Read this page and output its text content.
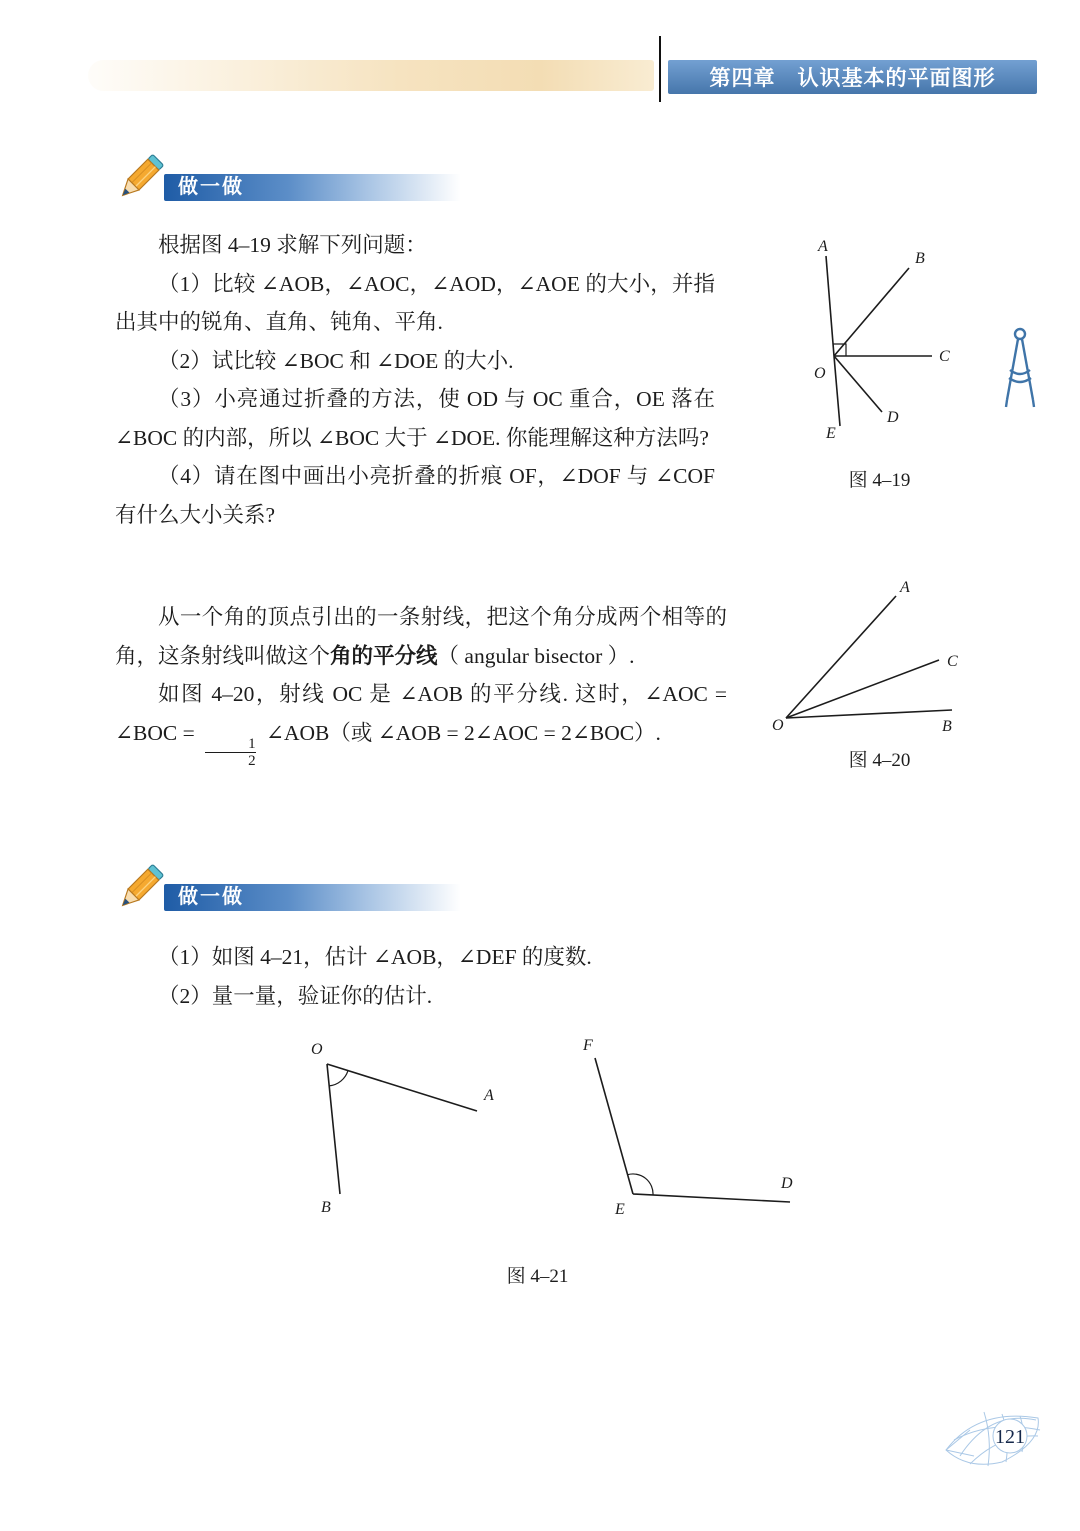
第四章　认识基本的平面图形
做一做

根据图 4–19 求解下列问题：

（1）比较 ∠AOB，∠AOC，∠AOD，∠AOE 的大小，并指出其中的锐角、直角、钝角、平角.

（2）试比较 ∠BOC 和 ∠DOE 的大小.

（3）小亮通过折叠的方法，使 OD 与 OC 重合，OE 落在 ∠BOC 的内部，所以 ∠BOC 大于 ∠DOE. 你能理解这种方法吗?

（4）请在图中画出小亮折叠的折痕 OF，∠DOF 与 ∠COF 有什么大小关系?

A
B
C
D
E
O
图 4–19

从一个角的顶点引出的一条射线，把这个角分成两个相等的角，这条射线叫做这个角的平分线（ angular bisector ）.

如图 4–20，射线 OC 是 ∠AOB 的平分线. 这时，∠AOC = ∠BOC =
$\frac{1}{2}$
∠AOB（或 ∠AOB = 2∠AOC = 2∠BOC）.

A
C
B
O
图 4–20
做一做

（1）如图 4–21，估计 ∠AOB，∠DEF 的度数.

（2）量一量，验证你的估计.

O
A
B
F
E
D
图 4–21
121
